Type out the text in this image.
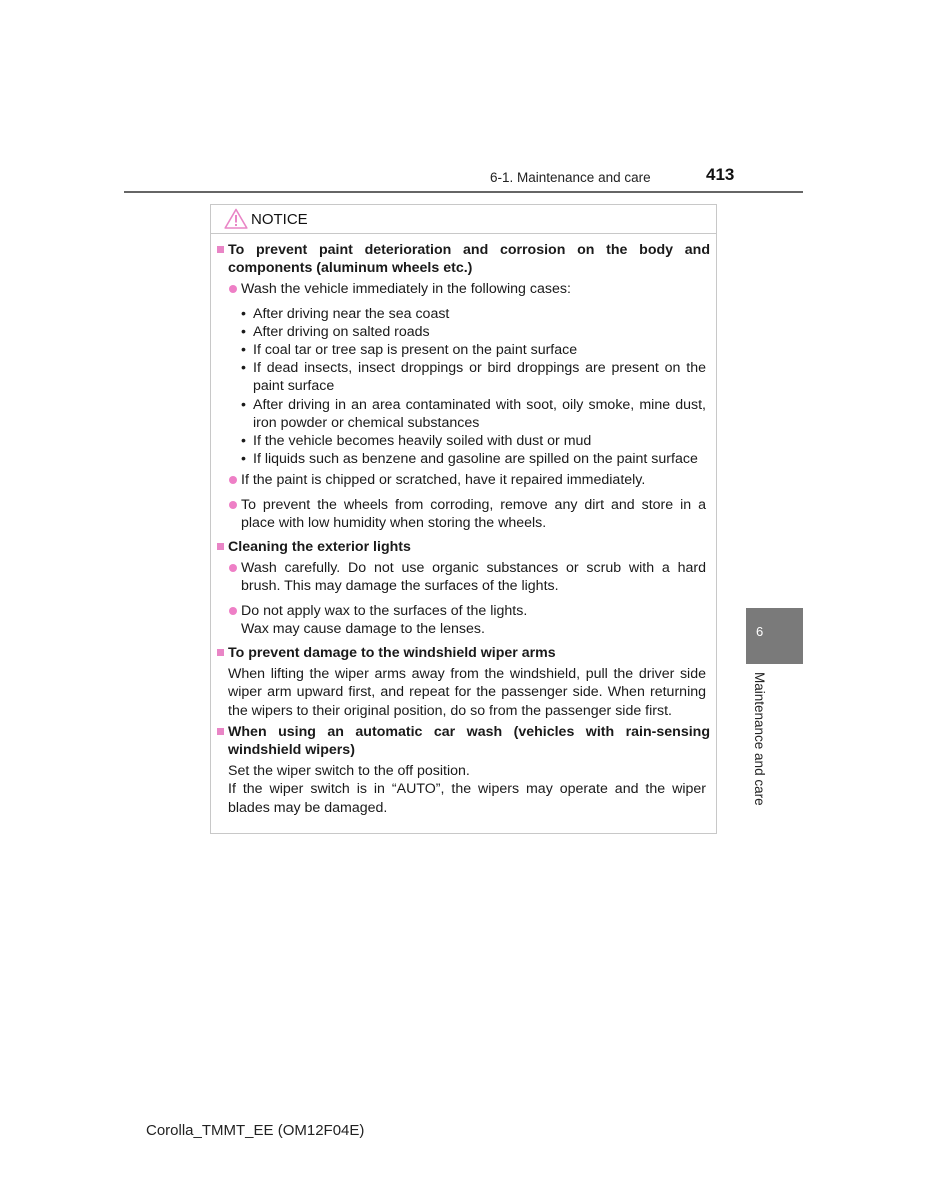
6-1. Maintenance and care	413
NOTICE

To prevent paint deterioration and corrosion on the body and components (aluminum wheels etc.)

Wash the vehicle immediately in the following cases:

• After driving near the sea coast
• After driving on salted roads
• If coal tar or tree sap is present on the paint surface
• If dead insects, insect droppings or bird droppings are present on the paint surface
• After driving in an area contaminated with soot, oily smoke, mine dust, iron powder or chemical substances
• If the vehicle becomes heavily soiled with dust or mud
• If liquids such as benzene and gasoline are spilled on the paint surface

If the paint is chipped or scratched, have it repaired immediately.

To prevent the wheels from corroding, remove any dirt and store in a place with low humidity when storing the wheels.

Cleaning the exterior lights

Wash carefully. Do not use organic substances or scrub with a hard brush. This may damage the surfaces of the lights.

Do not apply wax to the surfaces of the lights.
Wax may cause damage to the lenses.

To prevent damage to the windshield wiper arms

When lifting the wiper arms away from the windshield, pull the driver side wiper arm upward first, and repeat for the passenger side. When returning the wipers to their original position, do so from the passenger side first.

When using an automatic car wash (vehicles with rain-sensing windshield wipers)

Set the wiper switch to the off position.

If the wiper switch is in “AUTO”, the wipers may operate and the wiper blades may be damaged.

6
Maintenance and care
Corolla_TMMT_EE (OM12F04E)
